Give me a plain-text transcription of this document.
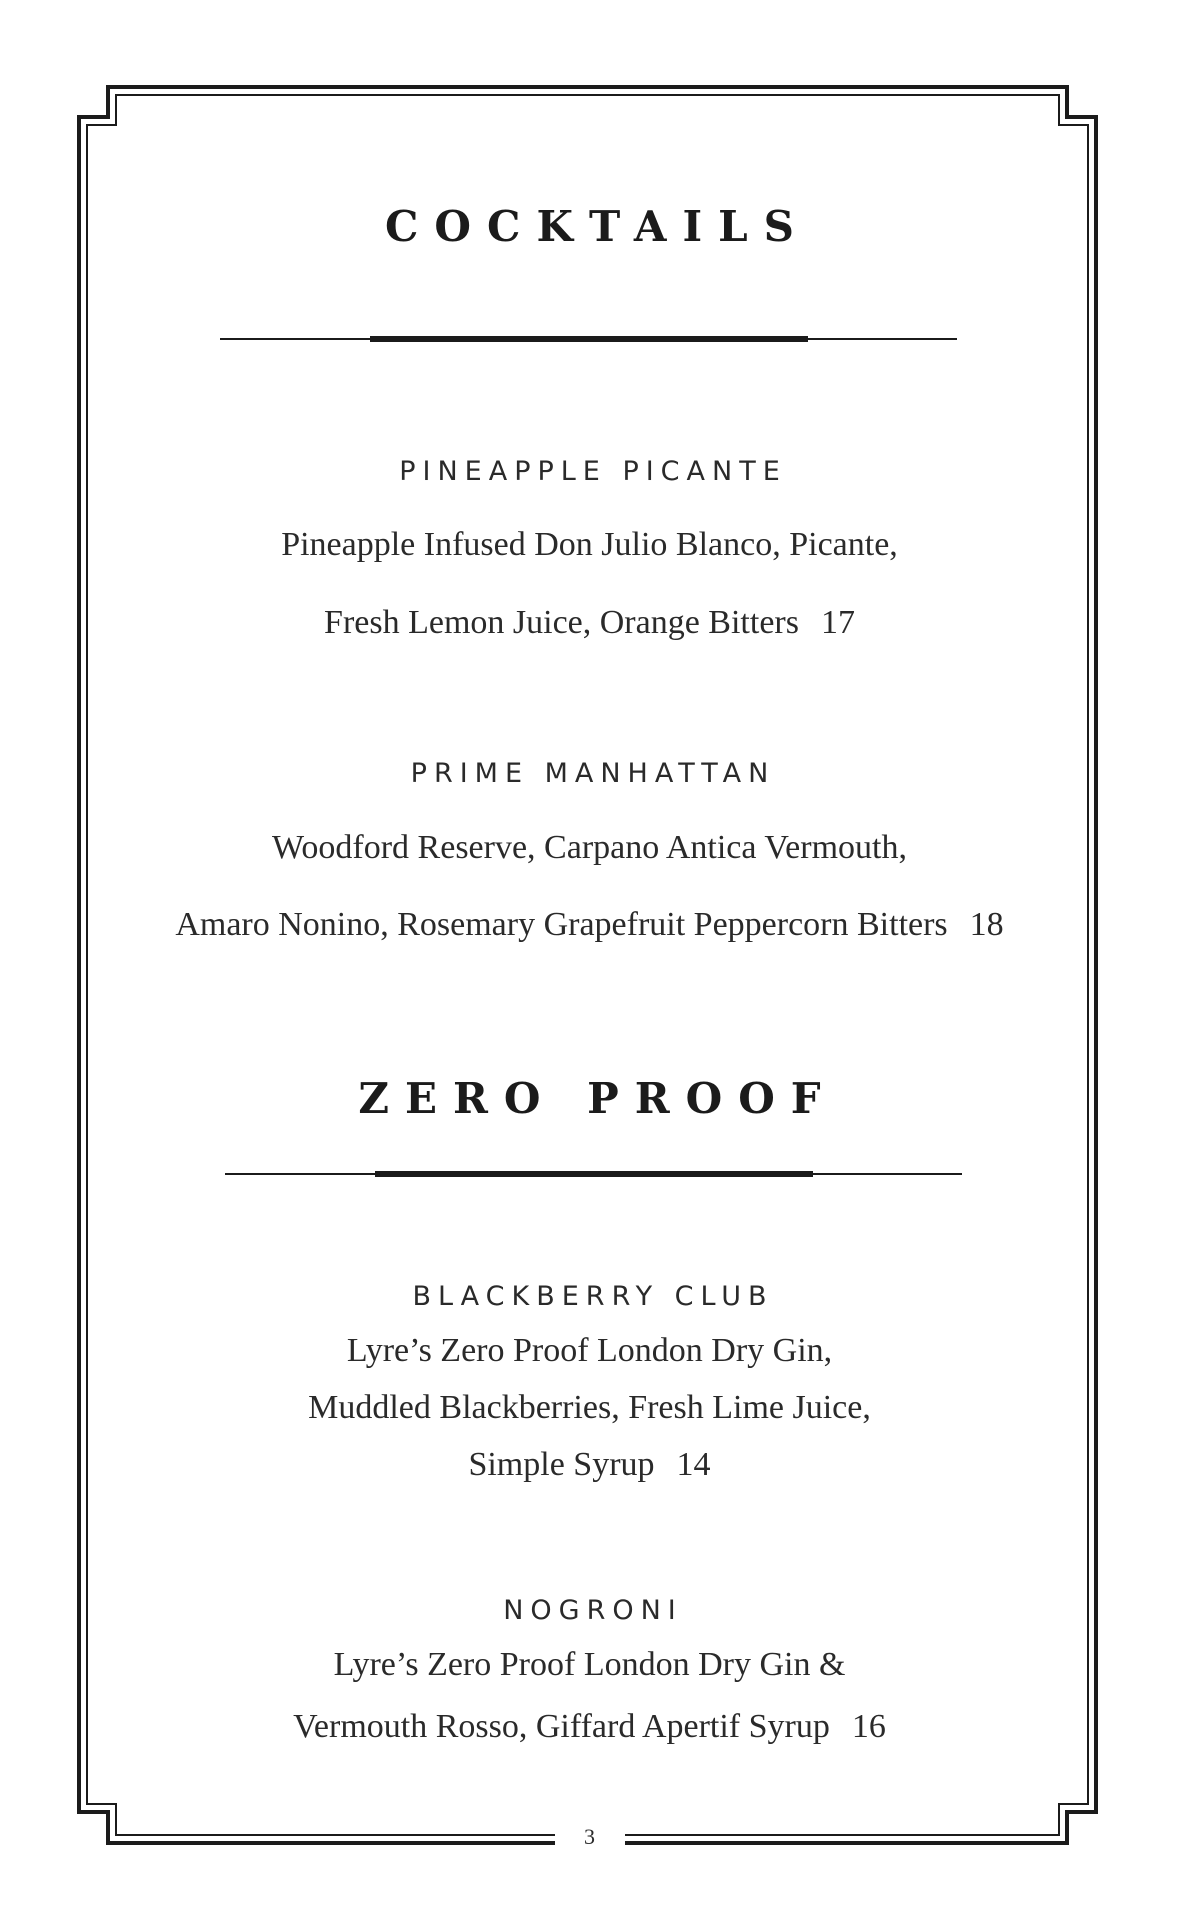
COCKTAILS
PINEAPPLE PICANTE
Pineapple Infused Don Julio Blanco, Picante,
Fresh Lemon Juice, Orange Bitters 17
PRIME MANHATTAN
Woodford Reserve, Carpano Antica Vermouth,
Amaro Nonino, Rosemary Grapefruit Peppercorn Bitters 18
ZERO PROOF
BLACKBERRY CLUB
Lyre’s Zero Proof London Dry Gin,
Muddled Blackberries, Fresh Lime Juice,
Simple Syrup 14
NOGRONI
Lyre’s Zero Proof London Dry Gin &
Vermouth Rosso, Giffard Apertif Syrup 16
3
